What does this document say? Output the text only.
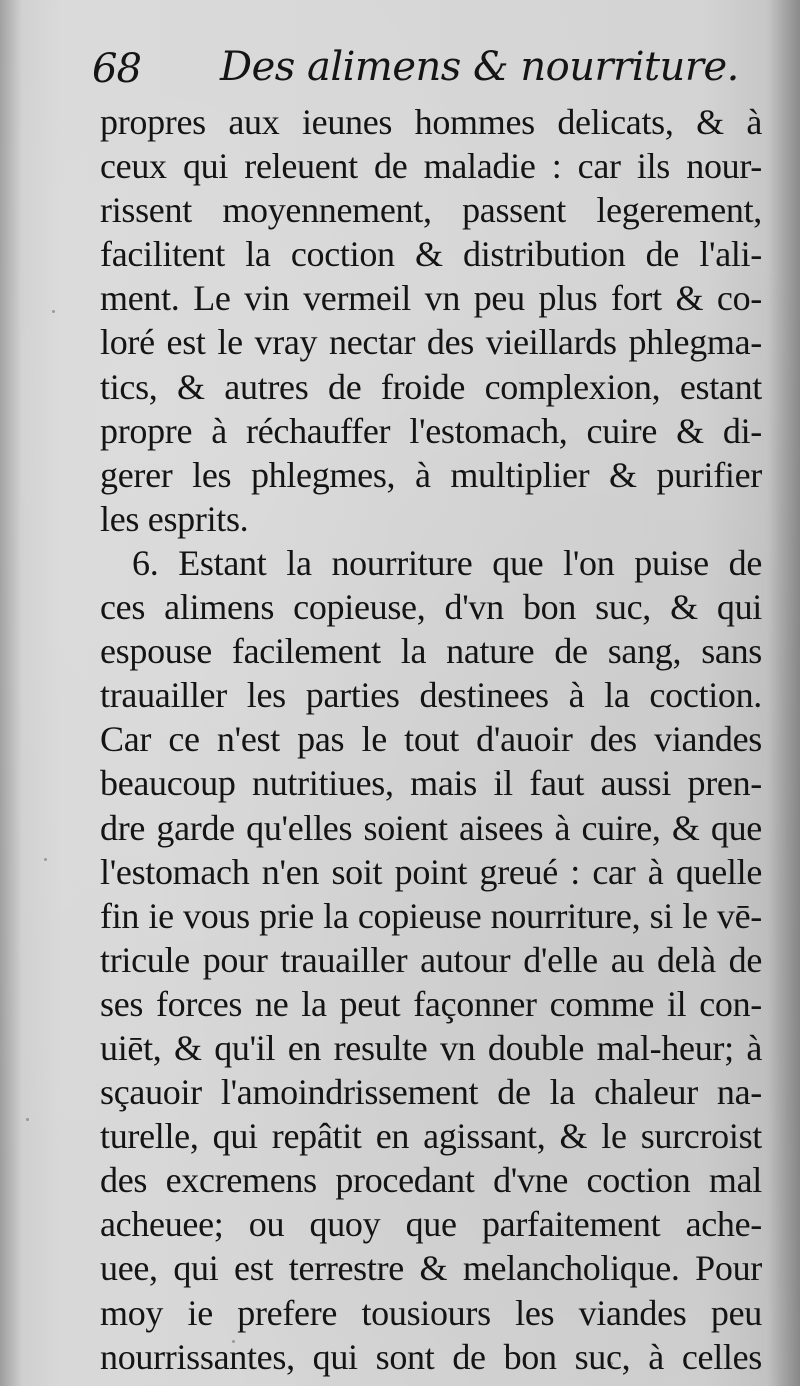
68 Des alimens & nourriture.
propres aux ieunes hommes delicats, & à
ceux qui releuent de maladie : car ils nour-
rissent moyennement, passent legerement,
facilitent la coction & distribution de l'ali-
ment. Le vin vermeil vn peu plus fort & co-
loré est le vray nectar des vieillards phlegma-
tics, & autres de froide complexion, estant
propre à réchauffer l'estomach, cuire & di-
gerer les phlegmes, à multiplier & purifier
les esprits.
6. Estant la nourriture que l'on puise de
ces alimens copieuse, d'vn bon suc, & qui
espouse facilement la nature de sang, sans
trauailler les parties destinees à la coction.
Car ce n'est pas le tout d'auoir des viandes
beaucoup nutritiues, mais il faut aussi pren-
dre garde qu'elles soient aisees à cuire, & que
l'estomach n'en soit point greué : car à quelle
fin ie vous prie la copieuse nourriture, si le vē-
tricule pour trauailler autour d'elle au delà de
ses forces ne la peut façonner comme il con-
uiēt, & qu'il en resulte vn double mal-heur; à
sçauoir l'amoindrissement de la chaleur na-
turelle, qui repâtit en agissant, & le surcroist
des excremens procedant d'vne coction mal
acheuee; ou quoy que parfaitement ache-
uee, qui est terrestre & melancholique. Pour
moy ie prefere tousiours les viandes peu
nourrissantes, qui sont de bon suc, à celles
